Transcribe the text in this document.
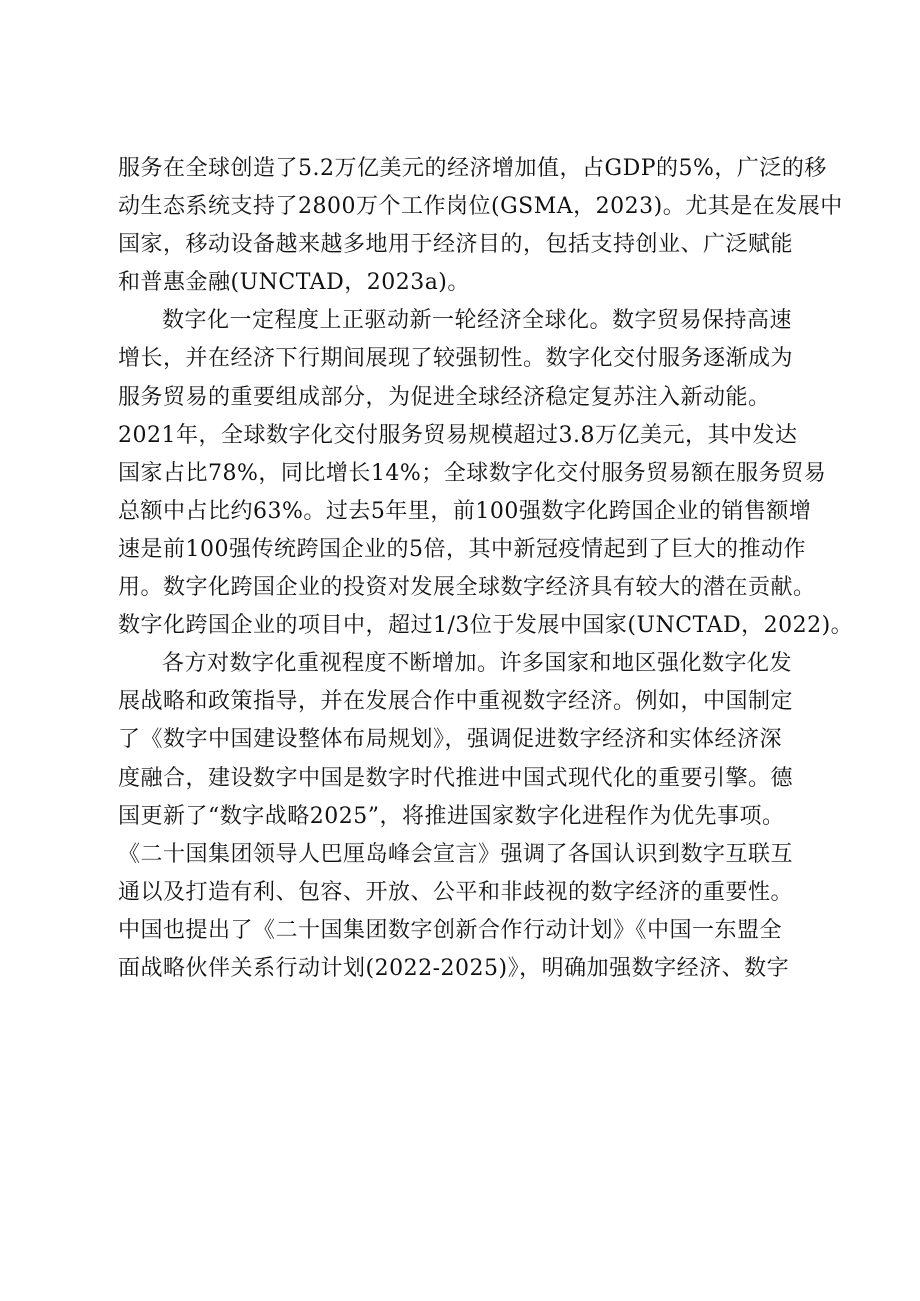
服务在全球创造了5.2万亿美元的经济增加值，占GDP的5%，广泛的移
动生态系统支持了2800万个工作岗位(GSMA，2023)。尤其是在发展中
国家，移动设备越来越多地用于经济目的，包括支持创业、广泛赋能
和普惠金融(UNCTAD，2023a)。
数字化一定程度上正驱动新一轮经济全球化。数字贸易保持高速
增长，并在经济下行期间展现了较强韧性。数字化交付服务逐渐成为
服务贸易的重要组成部分，为促进全球经济稳定复苏注入新动能。
2021年，全球数字化交付服务贸易规模超过3.8万亿美元，其中发达
国家占比78%，同比增长14%；全球数字化交付服务贸易额在服务贸易
总额中占比约63%。过去5年里，前100强数字化跨国企业的销售额增
速是前100强传统跨国企业的5倍，其中新冠疫情起到了巨大的推动作
用。数字化跨国企业的投资对发展全球数字经济具有较大的潜在贡献。
数字化跨国企业的项目中，超过1/3位于发展中国家(UNCTAD，2022)。
各方对数字化重视程度不断增加。许多国家和地区强化数字化发
展战略和政策指导，并在发展合作中重视数字经济。例如，中国制定
了《数字中国建设整体布局规划》，强调促进数字经济和实体经济深
度融合，建设数字中国是数字时代推进中国式现代化的重要引擎。德
国更新了“数字战略2025”，将推进国家数字化进程作为优先事项。
《二十国集团领导人巴厘岛峰会宣言》强调了各国认识到数字互联互
通以及打造有利、包容、开放、公平和非歧视的数字经济的重要性。
中国也提出了《二十国集团数字创新合作行动计划》《中国一东盟全
面战略伙伴关系行动计划(2022-2025)》，明确加强数字经济、数字
